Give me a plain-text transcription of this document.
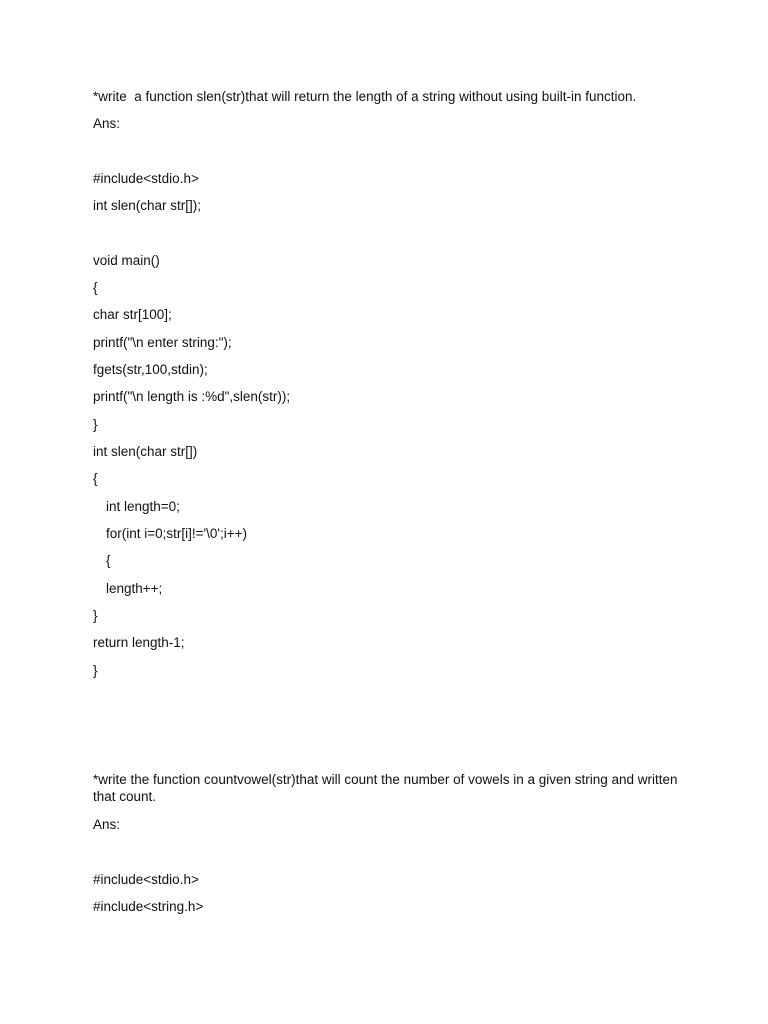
*write  a function slen(str)that will return the length of a string without using built-in function.

Ans:

#include<stdio.h>

int slen(char str[]);

void main()

{

char str[100];

printf("\n enter string:");

fgets(str,100,stdin);

printf("\n length is :%d",slen(str));

}

int slen(char str[])

{

int length=0;

for(int i=0;str[i]!='\0';i++)

{

length++;

}

return length-1;

}

*write the function countvowel(str)that will count the number of vowels in a given string and written that count.

Ans:

#include<stdio.h>

#include<string.h>
